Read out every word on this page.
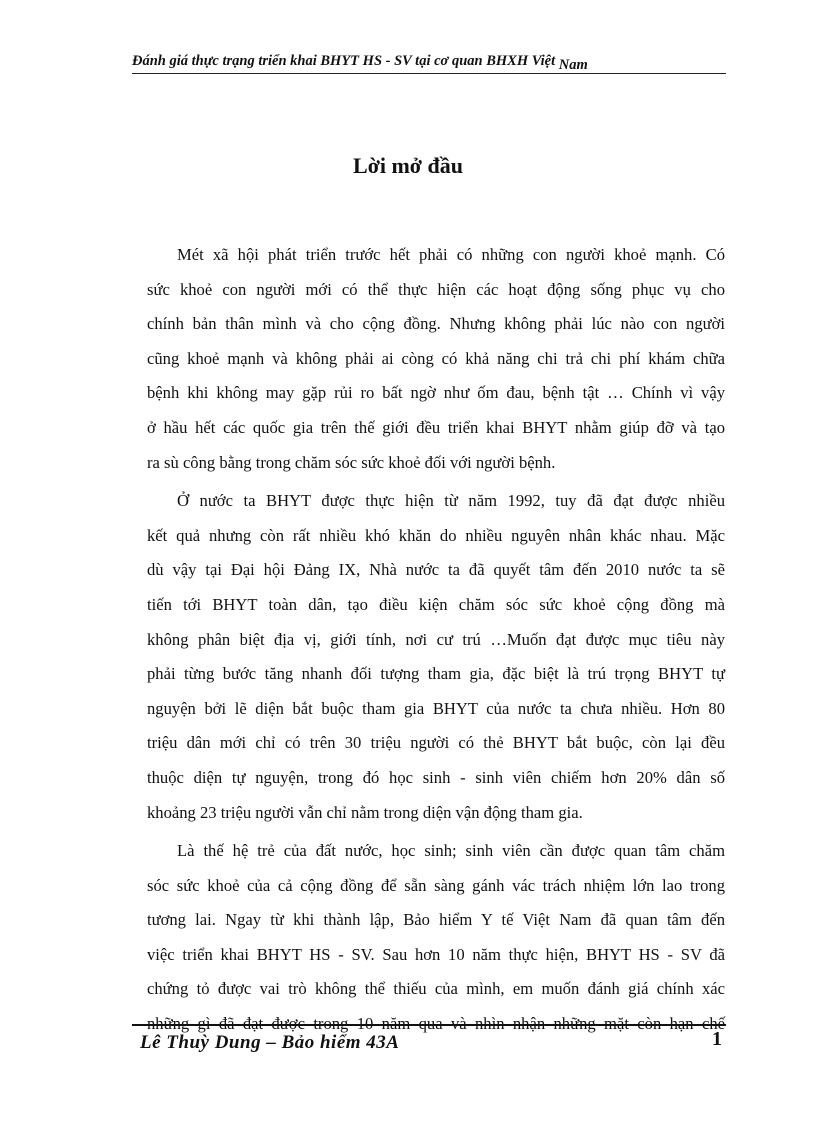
Đánh giá thực trạng triển khai BHYT HS - SV tại cơ quan BHXH Việt Nam
Lời mở đầu

Mét xã hội phát triển trước hết phải có những con người khoẻ mạnh. Có
sức khoẻ con người mới có thể thực hiện các hoạt động sống phục vụ cho
chính bản thân mình và cho cộng đồng. Nhưng không phải lúc nào con người
cũng khoẻ mạnh và không phải ai còng có khả năng chi trả chi phí khám chữa
bệnh khi không may gặp rủi ro bất ngờ như ốm đau, bệnh tật … Chính vì vậy
ở hầu hết các quốc gia trên thế giới đều triển khai BHYT nhằm giúp đỡ và tạo
ra sù công bằng trong chăm sóc sức khoẻ đối với người bệnh.

Ở nước ta BHYT được thực hiện từ năm 1992, tuy đã đạt được nhiều
kết quả nhưng còn rất nhiều khó khăn do nhiều nguyên nhân khác nhau. Mặc
dù vậy tại Đại hội Đảng IX, Nhà nước ta đã quyết tâm đến 2010 nước ta sẽ
tiến tới BHYT toàn dân, tạo điều kiện chăm sóc sức khoẻ cộng đồng mà
không phân biệt địa vị, giới tính, nơi cư trú …Muốn đạt được mục tiêu này
phải từng bước tăng nhanh đối tượng tham gia, đặc biệt là trú trọng BHYT tự
nguyện bởi lẽ diện bắt buộc tham gia BHYT của nước ta chưa nhiều. Hơn 80
triệu dân mới chỉ có trên 30 triệu người có thẻ BHYT bắt buộc, còn lại đều
thuộc diện tự nguyện, trong đó học sinh - sinh viên chiếm hơn 20% dân số
khoảng 23 triệu người vẫn chỉ nằm trong diện vận động tham gia.

Là thế hệ trẻ của đất nước, học sinh; sinh viên cần được quan tâm chăm
sóc sức khoẻ của cả cộng đồng để sẵn sàng gánh vác trách nhiệm lớn lao trong
tương lai. Ngay từ khi thành lập, Bảo hiểm Y tế Việt Nam đã quan tâm đến
việc triển khai BHYT HS - SV. Sau hơn 10 năm thực hiện, BHYT HS - SV đã
chứng tỏ được vai trò không thể thiếu của mình, em muốn đánh giá chính xác
những gì đã đạt được trong 10 năm qua và nhìn nhận những mặt còn hạn chế

Lê Thuỳ Dung – Bảo hiểm 43A	1
